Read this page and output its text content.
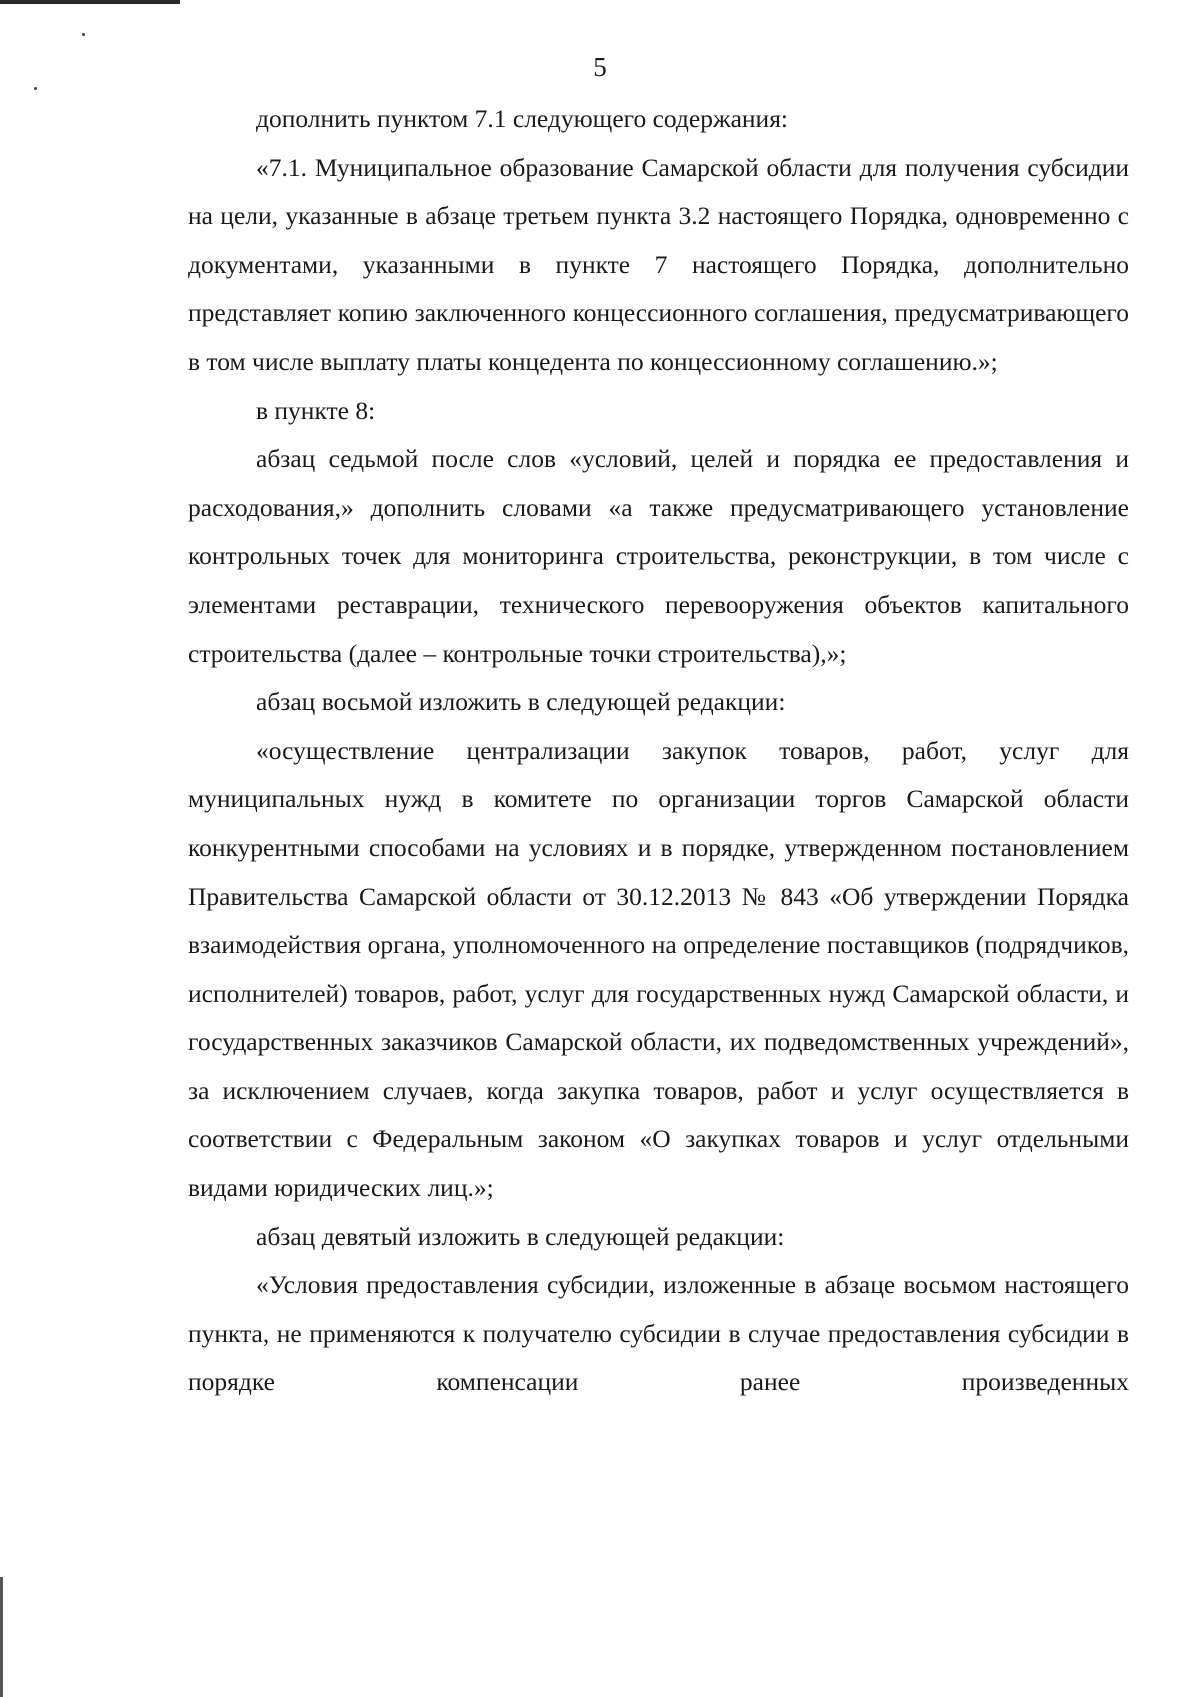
5

дополнить пунктом 7.1 следующего содержания:

«7.1. Муниципальное образование Самарской области для получения субсидии на цели, указанные в абзаце третьем пункта 3.2 настоящего Порядка, одновременно с документами, указанными в пункте 7 настоящего Порядка, дополнительно представляет копию заключенного концессионного соглашения, предусматривающего в том числе выплату платы концедента по концессионному соглашению.»;

в пункте 8:

абзац седьмой после слов «условий, целей и порядка ее предоставления и расходования,» дополнить словами «а также предусматривающего установление контрольных точек для мониторинга строительства, реконструкции, в том числе с элементами реставрации, технического перевооружения объектов капитального строительства (далее – контрольные точки строительства),»;

абзац восьмой изложить в следующей редакции:

«осуществление централизации закупок товаров, работ, услуг для муниципальных нужд в комитете по организации торгов Самарской области конкурентными способами на условиях и в порядке, утвержденном постановлением Правительства Самарской области от 30.12.2013 № 843 «Об утверждении Порядка взаимодействия органа, уполномоченного на определение поставщиков (подрядчиков, исполнителей) товаров, работ, услуг для государственных нужд Самарской области, и государственных заказчиков Самарской области, их подведомственных учреждений», за исключением случаев, когда закупка товаров, работ и услуг осуществляется в соответствии с Федеральным законом «О закупках товаров и услуг отдельными видами юридических лиц.»;

абзац девятый изложить в следующей редакции:

«Условия предоставления субсидии, изложенные в абзаце восьмом настоящего пункта, не применяются к получателю субсидии в случае предоставления субсидии в порядке компенсации ранее произведенных
